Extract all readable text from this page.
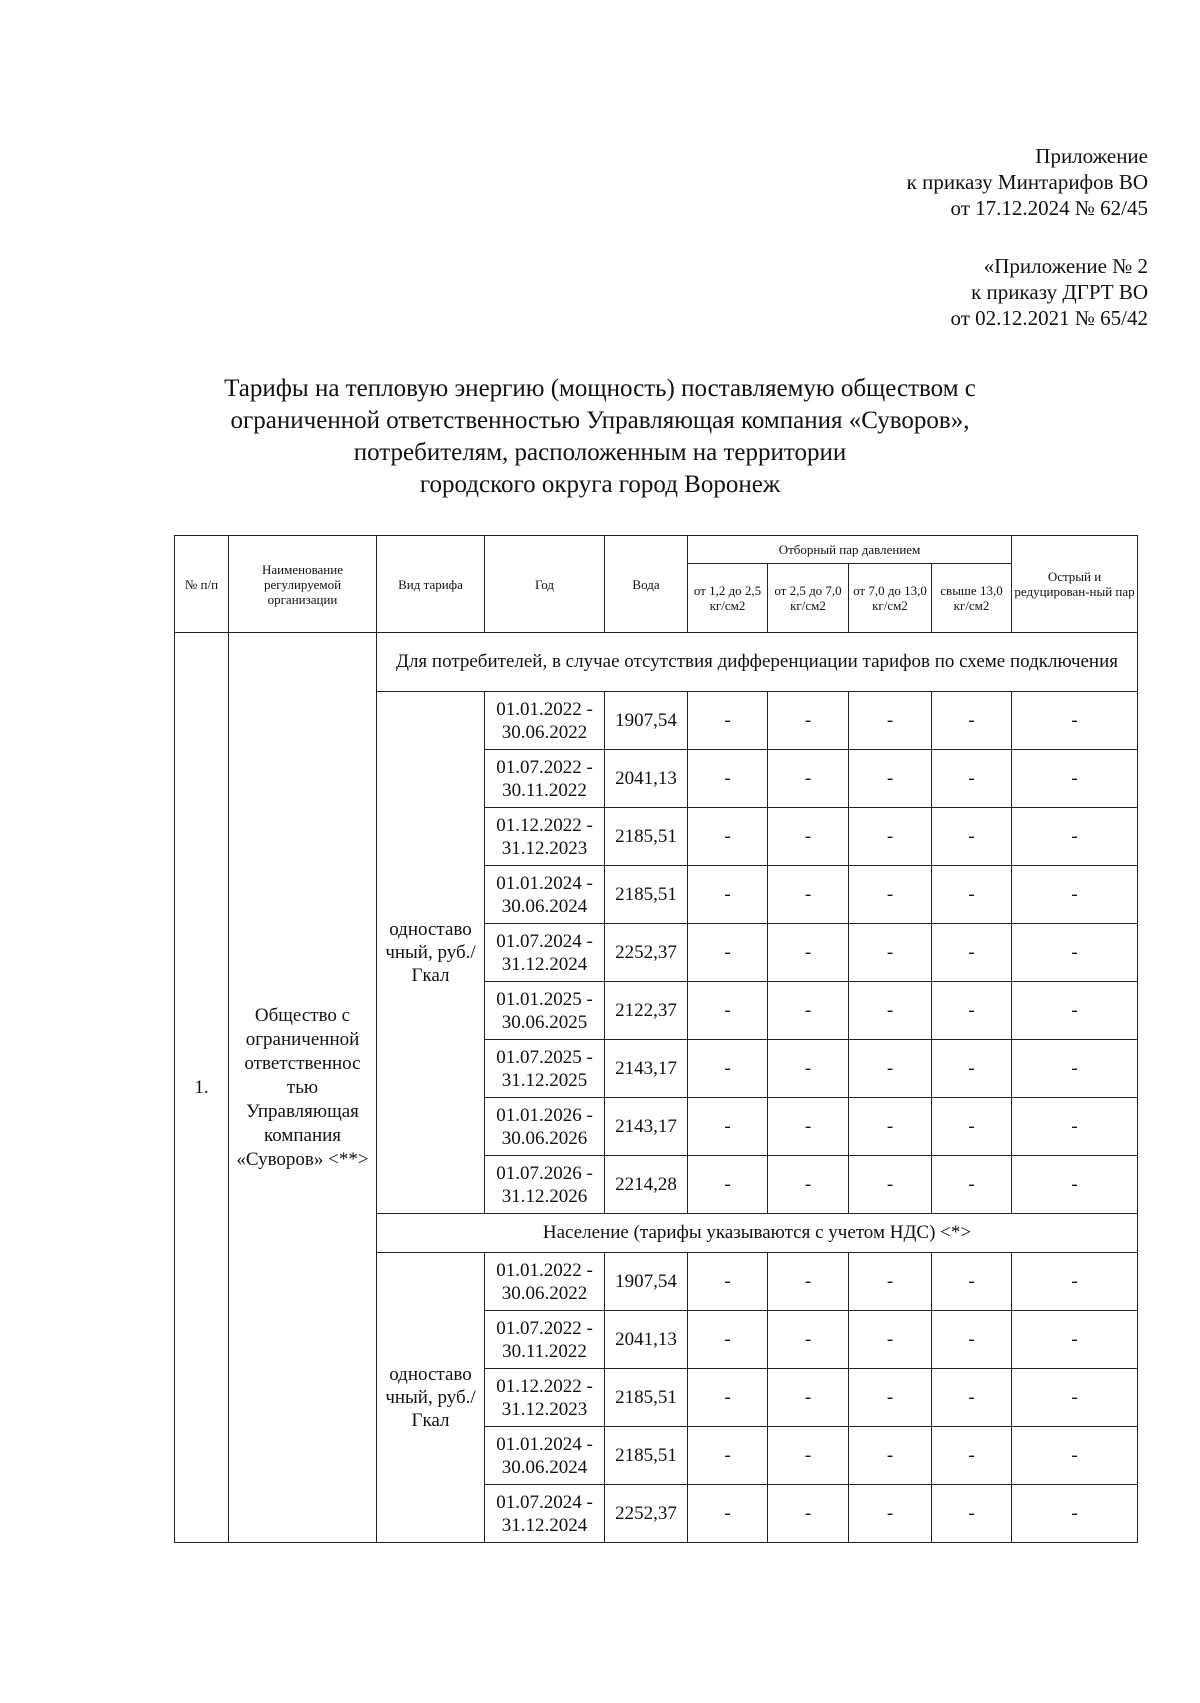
Приложение
к приказу Минтарифов ВО
от 17.12.2024 № 62/45
«Приложение № 2
к приказу ДГРТ ВО
от 02.12.2021 № 65/42
Тарифы на тепловую энергию (мощность) поставляемую обществом с
ограниченной ответственностью Управляющая компания «Суворов»,
потребителям, расположенным на территории
городского округа город Воронеж
№ п/п	Наименование регулируемой организации	Вид тарифа	Год	Вода	Отборный пар давлением				Острый и редуцирован-ный пар
					от 1,2 до 2,5 кг/см2	от 2,5 до 7,0 кг/см2	от 7,0 до 13,0 кг/см2	свыше 13,0 кг/см2	
1.	Общество с ограниченной ответственнос тью Управляющая компания «Суворов» <**>	Для потребителей, в случае отсутствия дифференциации тарифов по схеме подключения							
		одноставо чный, руб./Гкал	01.01.2022 - 30.06.2022	1907,54	-	-	-	-	-
			01.07.2022 - 30.11.2022	2041,13	-	-	-	-	-
			01.12.2022 - 31.12.2023	2185,51	-	-	-	-	-
			01.01.2024 - 30.06.2024	2185,51	-	-	-	-	-
			01.07.2024 - 31.12.2024	2252,37	-	-	-	-	-
			01.01.2025 - 30.06.2025	2122,37	-	-	-	-	-
			01.07.2025 - 31.12.2025	2143,17	-	-	-	-	-
			01.01.2026 - 30.06.2026	2143,17	-	-	-	-	-
			01.07.2026 - 31.12.2026	2214,28	-	-	-	-	-
		Население (тарифы указываются с учетом НДС) <*>							
		одноставо чный, руб./Гкал	01.01.2022 - 30.06.2022	1907,54	-	-	-	-	-
			01.07.2022 - 30.11.2022	2041,13	-	-	-	-	-
			01.12.2022 - 31.12.2023	2185,51	-	-	-	-	-
			01.01.2024 - 30.06.2024	2185,51	-	-	-	-	-
			01.07.2024 - 31.12.2024	2252,37	-	-	-	-	-
